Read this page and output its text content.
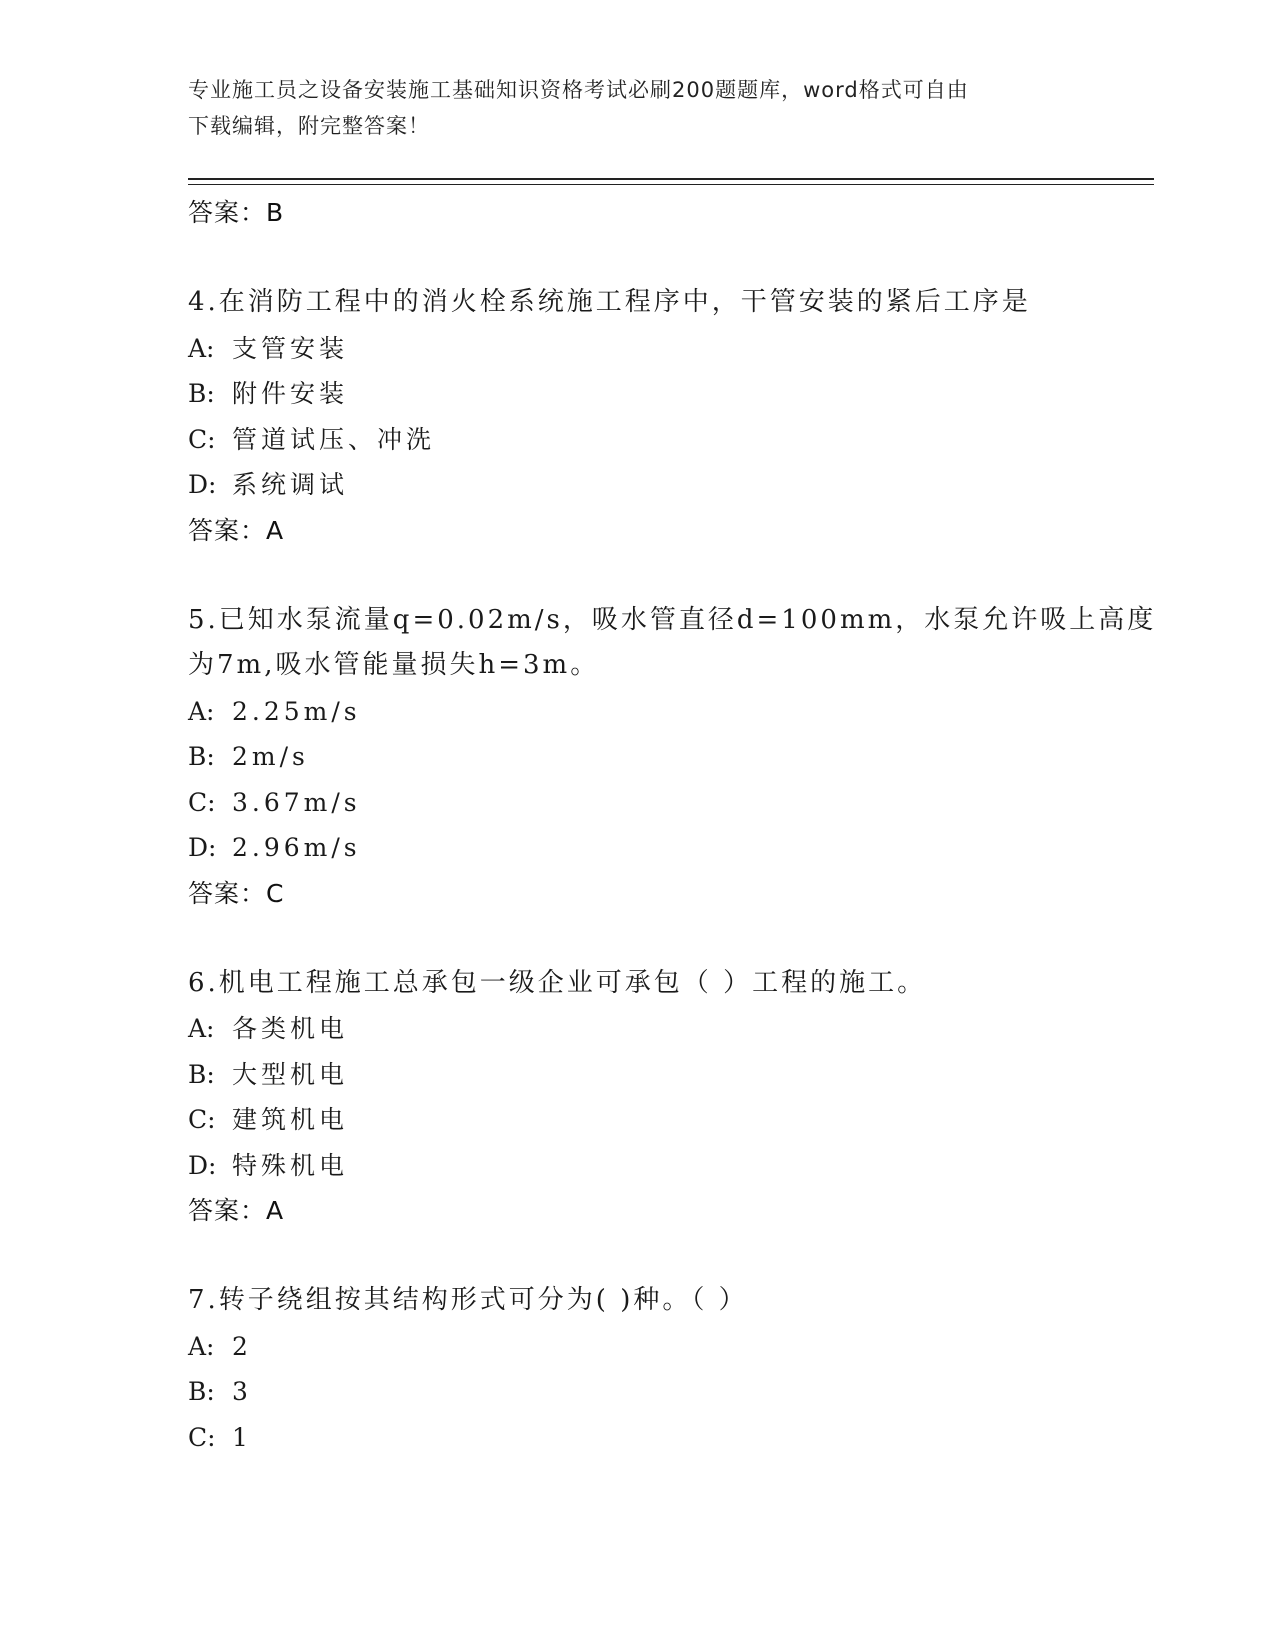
专业施工员之设备安装施工基础知识资格考试必刷200题题库，word格式可自由
下载编辑，附完整答案！
答案：B
4.在消防工程中的消火栓系统施工程序中，干管安装的紧后工序是
A: 支管安装
B: 附件安装
C: 管道试压、冲洗
D: 系统调试
答案：A
5.已知水泵流量q=0.02m/s，吸水管直径d=100mm，水泵允许吸上高度
为7m,吸水管能量损失h=3m。
A: 2.25m/s
B: 2m/s
C: 3.67m/s
D: 2.96m/s
答案：C
6.机电工程施工总承包一级企业可承包（ ）工程的施工。
A: 各类机电
B: 大型机电
C: 建筑机电
D: 特殊机电
答案：A
7.转子绕组按其结构形式可分为( )种。（ ）
A: 2
B: 3
C: 1
